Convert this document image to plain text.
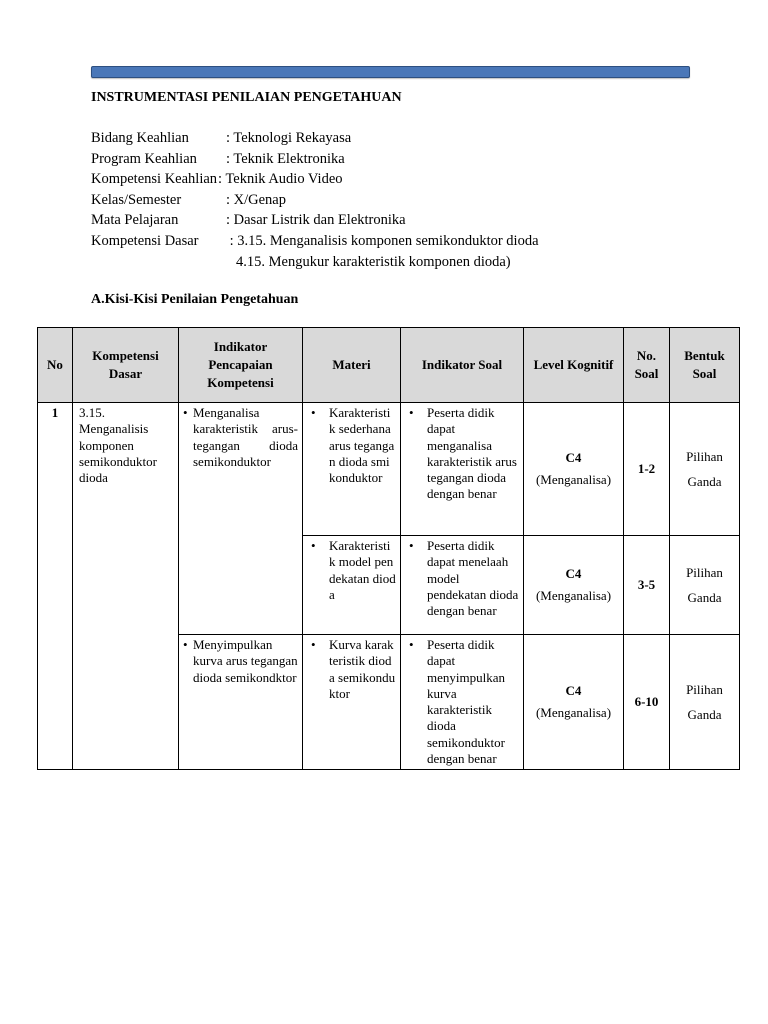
INSTRUMENTASI PENILAIAN PENGETAHUAN
Bidang Keahlian	: Teknologi Rekayasa
Program Keahlian	: Teknik Elektronika
Kompetensi Keahlian : Teknik Audio Video
Kelas/Semester	: X/Genap
Mata Pelajaran	: Dasar Listrik dan Elektronika
Kompetensi Dasar	: 3.15. Menganalisis komponen semikonduktor dioda
4.15. Mengukur karakteristik komponen dioda)
A.Kisi-Kisi Penilaian Pengetahuan
No	Kompetensi Dasar	Indikator Pencapaian Kompetensi	Materi	Indikator Soal	Level Kognitif	No. Soal	Bentuk Soal
1	3.15. Menganalisis komponen semikonduktor dioda	• Menganalisa karakteristik arus-tegangan dioda semikonduktor	• Karakteristik sederhana arus tegangan dioda smikonduktor	• Peserta didik dapat menganalisa karakteristik arus tegangan dioda dengan benar	C4
(Menganalisa)	1-2	Pilihan Ganda

			• Karakteristik model pendekatan dioda	• Peserta didik dapat menelaah model pendekatan dioda dengan benar	C4
(Menganalisa)	3-5	Pilihan Ganda

		• Menyimpulkan kurva arus tegangan dioda semikondktor	• Kurva karakteristik dioda semikonduktor	• Peserta didik dapat menyimpulkan kurva karakteristik dioda semikonduktor dengan benar	C4
(Menganalisa)	6-10	Pilihan Ganda
